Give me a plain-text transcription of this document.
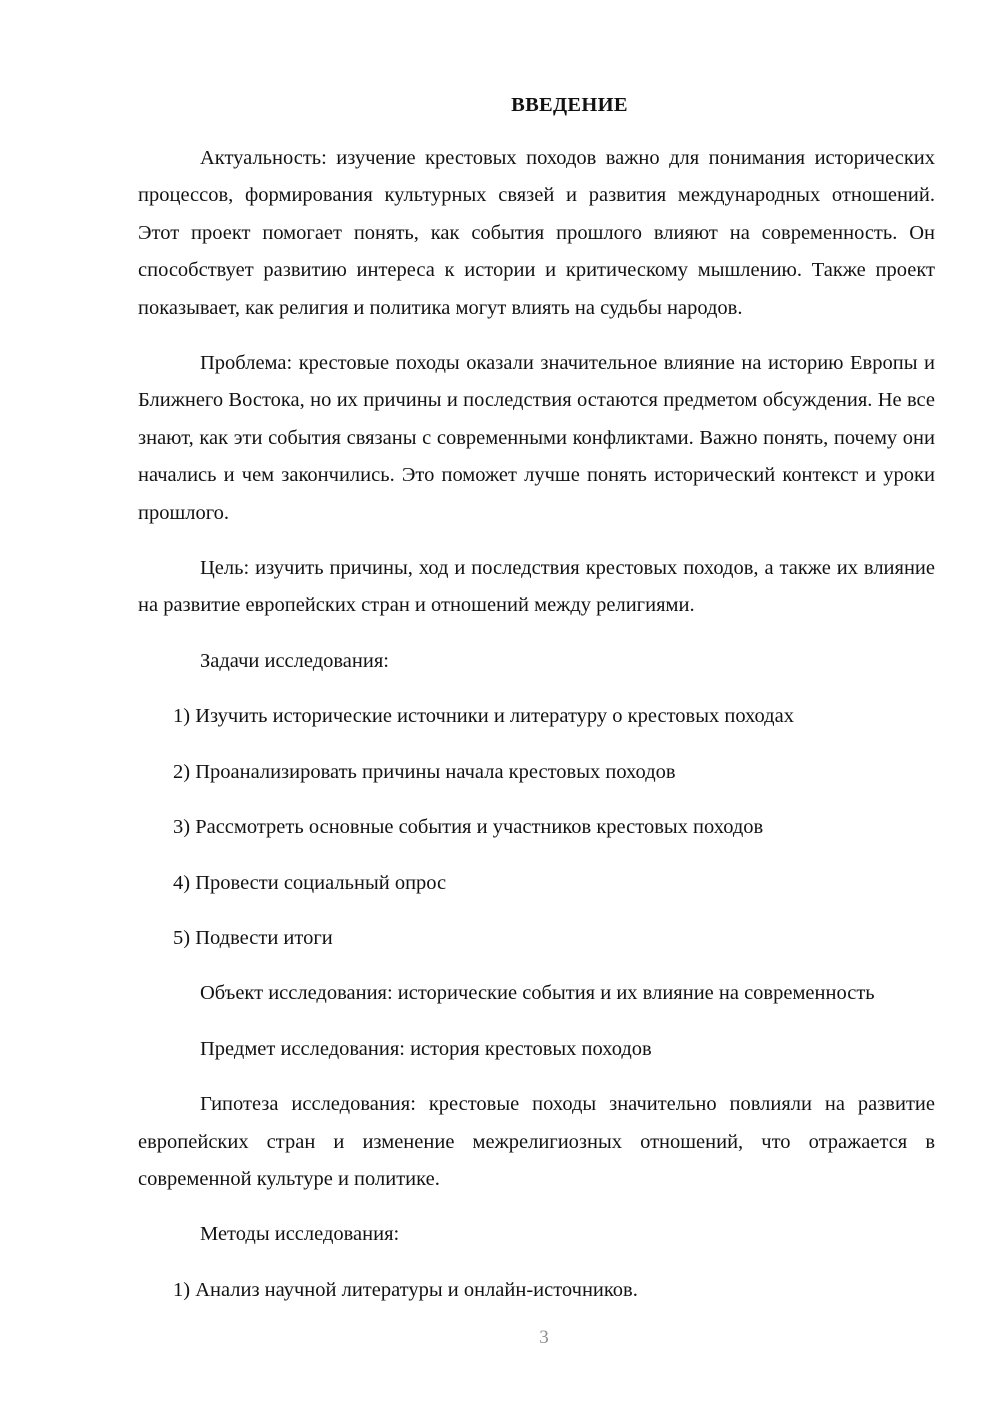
ВВЕДЕНИЕ

Актуальность: изучение крестовых походов важно для понимания исторических процессов, формирования культурных связей и развития международных отношений. Этот проект помогает понять, как события прошлого влияют на современность. Он способствует развитию интереса к истории и критическому мышлению. Также проект показывает, как религия и политика могут влиять на судьбы народов.

Проблема: крестовые походы оказали значительное влияние на историю Европы и Ближнего Востока, но их причины и последствия остаются предметом обсуждения. Не все знают, как эти события связаны с современными конфликтами. Важно понять, почему они начались и чем закончились. Это поможет лучше понять исторический контекст и уроки прошлого.

Цель: изучить причины, ход и последствия крестовых походов, а также их влияние на развитие европейских стран и отношений между религиями.

Задачи исследования:

1) Изучить исторические источники и литературу о крестовых походах

2) Проанализировать причины начала крестовых походов

3) Рассмотреть основные события и участников крестовых походов

4) Провести социальный опрос

5) Подвести итоги

Объект исследования: исторические события и их влияние на современность

Предмет исследования: история крестовых походов

Гипотеза исследования: крестовые походы значительно повлияли на развитие европейских стран и изменение межрелигиозных отношений, что отражается в современной культуре и политике.

Методы исследования:

1) Анализ научной литературы и онлайн-источников.

3
